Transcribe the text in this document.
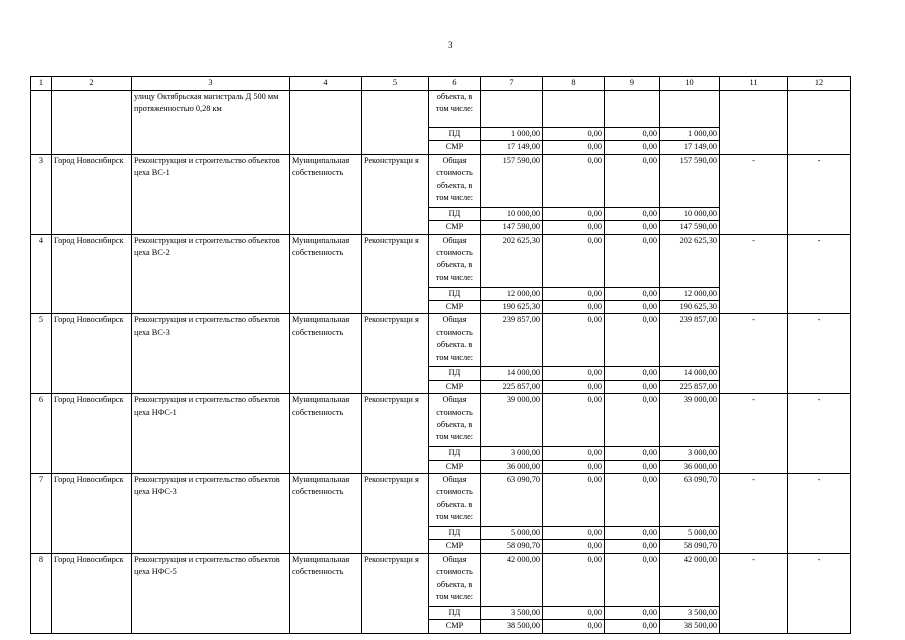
3
1	2	3	4	5	6	7	8	9	10	11	12
		улицу Октябрьская магистраль Д 500 мм протяженностью 0,28 км			объекта, в том числе:						
					ПД	1 000,00	0,00	0,00	1 000,00		
					СМР	17 149,00	0,00	0,00	17 149,00		
3	Город Новосибирск	Реконструкция и строительство объектов цеха ВС-1	Муниципальная собственность	Реконструкци я	Общая стоимость объекта, в том числе:	157 590,00	0,00	0,00	157 590,00	-	-
					ПД	10 000,00	0,00	0,00	10 000,00		
					СМР	147 590,00	0,00	0,00	147 590,00		
4	Город Новосибирск	Реконструкция и строительство объектов цеха ВС-2	Муниципальная собственность	Реконструкци я	Общая стоимость объекта, в том числе:	202 625,30	0,00	0,00	202 625,30	-	-
					ПД	12 000,00	0,00	0,00	12 000,00		
					СМР	190 625,30	0,00	0,00	190 625,30		
5	Город Новосибирск	Реконструкция и строительство объектов цеха ВС-3	Муниципальная собственность	Реконструкци я	Общая стоимость объекта. в том числе:	239 857,00	0,00	0,00	239 857,00	-	-
					ПД	14 000,00	0,00	0,00	14 000,00		
					СМР	225 857,00	0,00	0,00	225 857,00		
6	Город Новосибирск	Реконструкция и строительство объектов цеха НФС-1	Муниципальная собственность	Реконструкци я	Общая стоимость объекта, в том числе:	39 000,00	0,00	0,00	39 000,00	-	-
					ПД	3 000,00	0,00	0,00	3 000,00		
					СМР	36 000,00	0,00	0,00	36 000,00		
7	Город Новосибирск	Реконструкция и строительство объектов цеха НФС-3	Муниципальная собственность	Реконструкци я	Общая стоимость объекта. в том числе:	63 090,70	0,00	0,00	63 090,70	-	-
					ПД	5 000,00	0,00	0,00	5 000,00		
					СМР	58 090,70	0,00	0,00	58 090,70		
8	Город Новосибирск	Реконструкция и строительство объектов цеха НФС-5	Муниципальная собственность	Реконструкци я	Общая стоимость объекта, в том числе:	42 000,00	0,00	0,00	42 000,00	-	-
					ПД	3 500,00	0,00	0,00	3 500,00		
					СМР	38 500,00	0,00	0,00	38 500,00		
